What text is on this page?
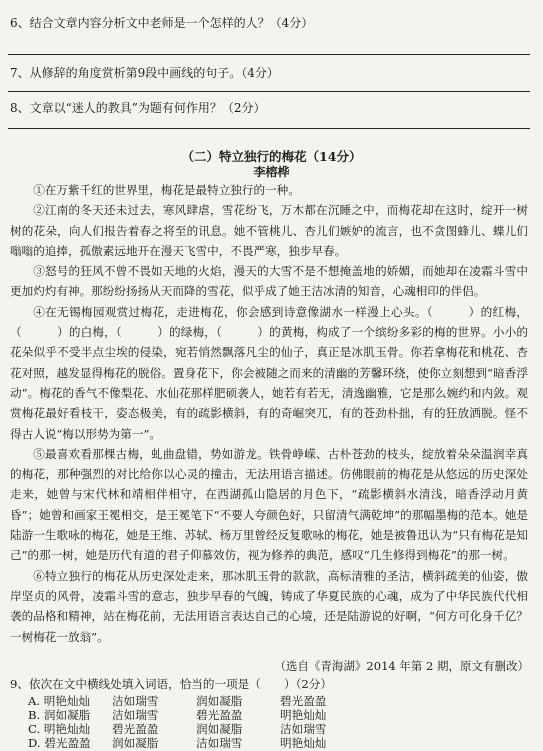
6、结合文章内容分析文中老师是一个怎样的人？（4分）
7、从修辞的角度赏析第9段中画线的句子。（4分）
8、文章以“迷人的教具”为题有何作用？（2分）
（二）特立独行的梅花（14分）
李榕桦

①在万紫千红的世界里，梅花是最特立独行的一种。

②江南的冬天还未过去，寒风肆虐，雪花纷飞，万木都在沉睡之中，而梅花却在这时，绽开一树树的花朵，向人们报告着春之将至的讯息。她不管桃儿、杏儿们嫉妒的流言，也不贪图蜂儿、蝶儿们嗡嗡的追捧，孤傲素远地开在漫天飞雪中，不畏严寒，独步早春。

③怒号的狂风不曾不畏如天地的火焰，漫天的大雪不是不想掩盖地的娇媚，而她却在凌霜斗雪中更加灼灼有神。那纷纷扬扬从天而降的雪花，似乎成了她王洁冰清的知音，心魂相印的伴侣。

④在无锡梅园观赏过梅花，走进梅花，你会感到诗意像湖水一样漫上心头。（　　　）的红梅，（　　　）的白梅，（　　　）的绿梅，（　　　）的黄梅，构成了一个缤纷多彩的梅的世界。小小的花朵似乎不受半点尘埃的侵染，宛若悄然飘落凡尘的仙子，真正是冰肌玉骨。你若拿梅花和桃花、杏花对照，越发显得梅花的脱俗。置身花下，你会被随之而来的清幽的芳馨环绕，使你立刻想到“暗香浮动”。梅花的香气不像梨花、水仙花那样肥硕袭人，她若有若无，清逸幽雅，它是那么婉约和内敛。观赏梅花最好看枝干，姿态极美，有的疏影横斜，有的奇崛突兀，有的苍劲朴拙，有的狂放洒脱。怪不得古人说“梅以形势为第一”。

⑤最喜欢看那棵古梅，虬曲盘错，势如游龙。铁骨峥嵘、古朴苍劲的枝头，绽放着朵朵温润幸真的梅花，那种强烈的对比给你以心灵的撞击，无法用语言描述。仿佛眼前的梅花是从悠远的历史深处走来，她曾与宋代林和靖相伴相守，在西湖孤山隐居的月色下，“疏影横斜水清浅，暗香浮动月黄昏”；她曾和画家王冕相交，是王冕笔下“不要人夸颜色好，只留清气满乾坤”的那幅墨梅的范本。她是陆游一生歌咏的梅花，她是王维、苏轼、杨万里曾经反复歌咏的梅花，她是被鲁迅认为“只有梅花是知己”的那一树，她是历代有道的君子仰慕效仿，视为修养的典范，感叹“几生修得到梅花”的那一树。

⑥特立独行的梅花从历史深处走来，那冰肌玉骨的款款，高标清雅的圣洁，横斜疏美的仙姿，傲岸坚贞的风骨，凌霜斗雪的意志，独步早春的气魄，铸成了华夏民族的心魂，成为了中华民族代代相袭的品格和精神，站在梅花前，无法用语言表达自己的心境，还是陆游说的好啊，“何方可化身千亿？一树梅花一放翁”。

（选自《青海湖》2014 年第 2 期，原文有删改）
9、依次在文中横线处填入词语，恰当的一项是（　　）（2分）
A. 明艳灿灿 洁如瑞雪	润如凝脂	碧光盈盈
B. 润如凝脂 洁如瑞雪	碧光盈盈	明艳灿灿
C. 明艳灿灿 碧光盈盈	润如凝脂	洁如瑞雪
D. 碧光盈盈 润如凝脂	洁如瑞雪	明艳灿灿
